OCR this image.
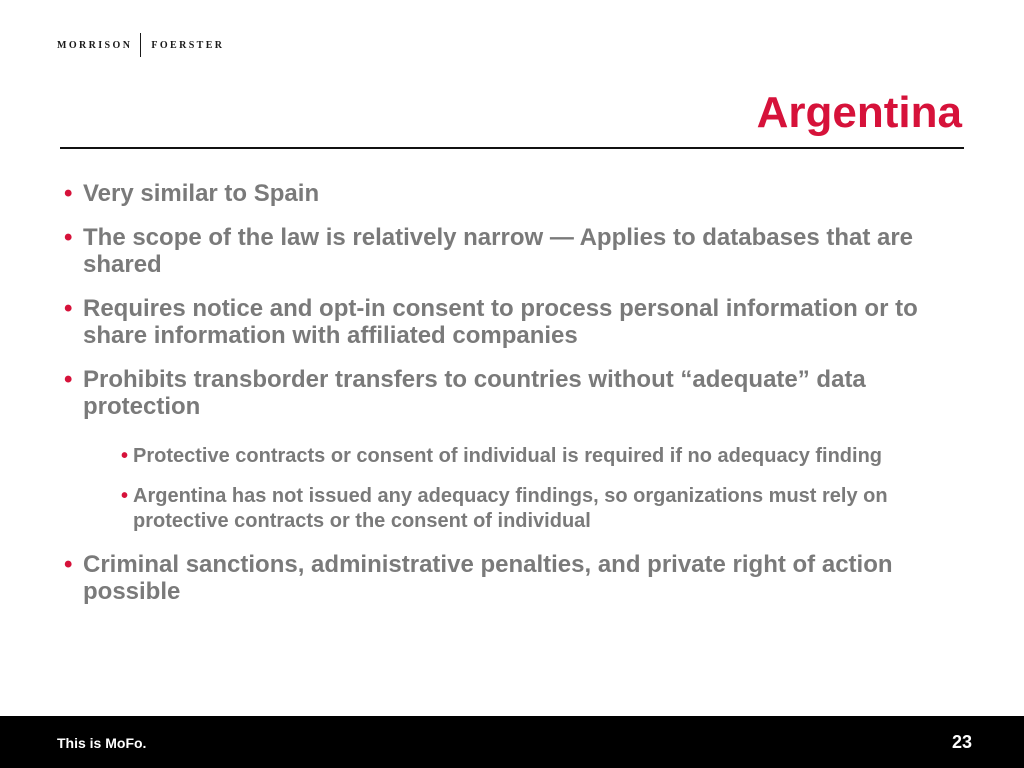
MORRISON FOERSTER
Argentina
• Very similar to Spain
• The scope of the law is relatively narrow — Applies to databases that are shared
• Requires notice and opt-in consent to process personal information or to share information with affiliated companies
• Prohibits transborder transfers to countries without “adequate” data protection
• Protective contracts or consent of individual is required if no adequacy finding
• Argentina has not issued any adequacy findings, so organizations must rely on protective contracts or the consent of individual
• Criminal sanctions, administrative penalties, and private right of action possible
This is MoFo.	23
